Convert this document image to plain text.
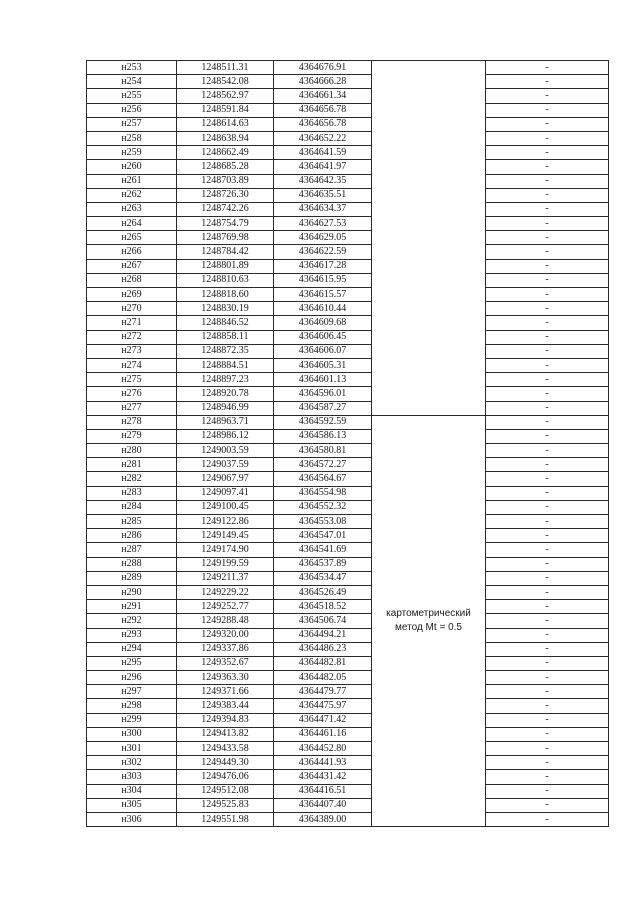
н253	1248511.31	4364676.91		-
н254	1248542.08	4364666.28		-
н255	1248562.97	4364661.34		-
н256	1248591.84	4364656.78		-
н257	1248614.63	4364656.78		-
н258	1248638.94	4364652.22		-
н259	1248662.49	4364641.59		-
н260	1248685.28	4364641.97		-
н261	1248703.89	4364642.35		-
н262	1248726.30	4364635.51		-
н263	1248742.26	4364634.37		-
н264	1248754.79	4364627.53		-
н265	1248769.98	4364629.05		-
н266	1248784.42	4364622.59		-
н267	1248801.89	4364617.28		-
н268	1248810.63	4364615.95		-
н269	1248818.60	4364615.57		-
н270	1248830.19	4364610.44		-
н271	1248846.52	4364609.68		-
н272	1248858.11	4364606.45		-
н273	1248872.35	4364606.07		-
н274	1248884.51	4364605.31		-
н275	1248897.23	4364601.13		-
н276	1248920.78	4364596.01		-
н277	1248946.99	4364587.27		-
н278	1248963.71	4364592.59	картометрический
метод Mt = 0.5	-
н279	1248986.12	4364586.13		-
н280	1249003.59	4364580.81		-
н281	1249037.59	4364572.27		-
н282	1249067.97	4364564.67		-
н283	1249097.41	4364554.98		-
н284	1249100.45	4364552.32		-
н285	1249122.86	4364553.08		-
н286	1249149.45	4364547.01		-
н287	1249174.90	4364541.69		-
н288	1249199.59	4364537.89		-
н289	1249211.37	4364534.47		-
н290	1249229.22	4364526.49		-
н291	1249252.77	4364518.52		-
н292	1249288.48	4364506.74		-
н293	1249320.00	4364494.21		-
н294	1249337.86	4364486.23		-
н295	1249352.67	4364482.81		-
н296	1249363.30	4364482.05		-
н297	1249371.66	4364479.77		-
н298	1249383.44	4364475.97		-
н299	1249394.83	4364471.42		-
н300	1249413.82	4364461.16		-
н301	1249433.58	4364452.80		-
н302	1249449.30	4364441.93		-
н303	1249476.06	4364431.42		-
н304	1249512.08	4364416.51		-
н305	1249525.83	4364407.40		-
н306	1249551.98	4364389.00		-
